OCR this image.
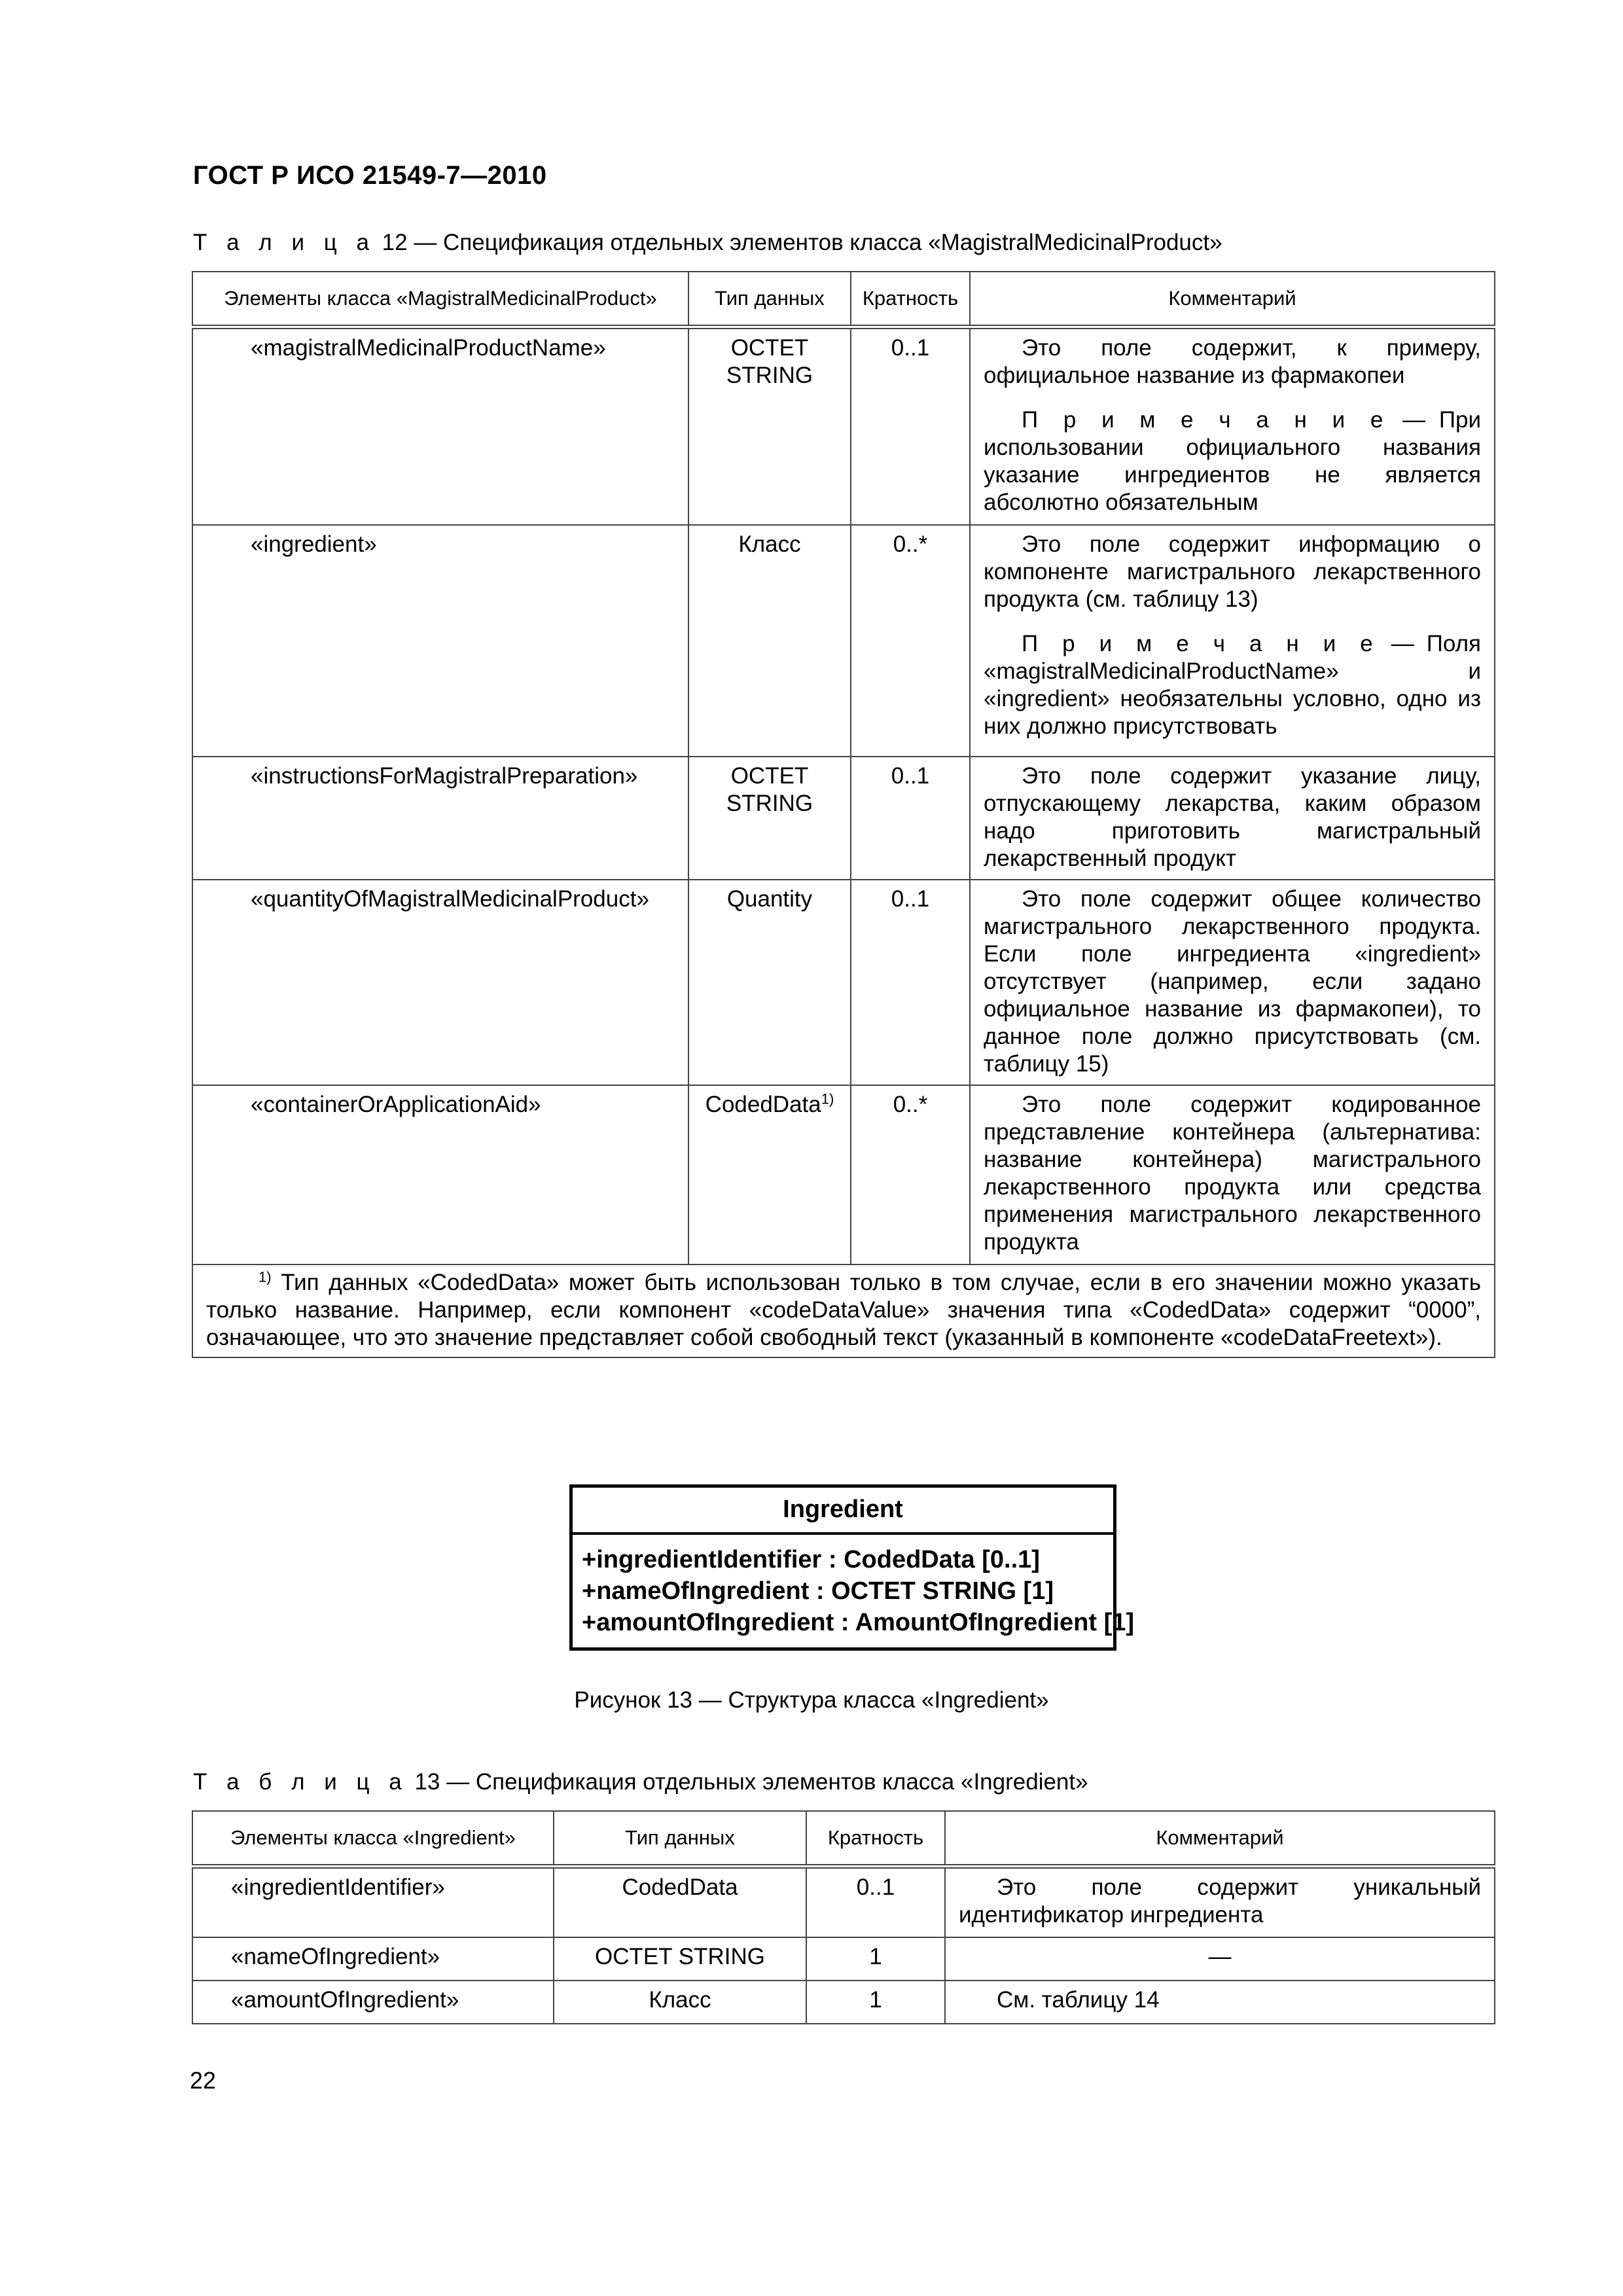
ГОСТ Р ИСО 21549-7—2010
Т а л и ц а 12 — Спецификация отдельных элементов класса «MagistralMedicinalProduct»
Элементы класса «MagistralMedicinalProduct»	Тип данных	Кратность	Комментарий
«magistralMedicinalProductName»	OCTET STRING	0..1	Это поле содержит, к примеру, официальное название из фармакопеи

П р и м е ч а н и е — При использовании официального названия указание ингредиентов не является абсолютно обязательным

«ingredient»	Класс	0..*	Это поле содержит информацию о компоненте магистрального лекарственного продукта (см. таблицу 13)

П р и м е ч а н и е — Поля «magistralMedicinalProductName» и «ingredient» необязательны условно, одно из них должно присутствовать

«instructionsForMagistralPreparation»	OCTET STRING	0..1	Это поле содержит указание лицу, отпускающему лекарства, каким образом надо приготовить магистральный лекарственный продукт

«quantityOfMagistralMedicinalProduct»	Quantity	0..1	Это поле содержит общее количество магистрального лекарственного продукта. Если поле ингредиента «ingredient» отсутствует (например, если задано официальное название из фармакопеи), то данное поле должно присутствовать (см. таблицу 15)

«containerOrApplicationAid»	CodedData$^{1)}$	0..*	Это поле содержит кодированное представление контейнера (альтернатива: название контейнера) магистрального лекарственного продукта или средства применения магистрального лекарственного продукта

$^{1)}$ Тип данных «CodedData» может быть использован только в том случае, если в его значении можно указать только название. Например, если компонент «codeDataValue» значения типа «CodedData» содержит “0000”, означающее, что это значение представляет собой свободный текст (указанный в компоненте «codeDataFreetext»).			
Ingredient
+ingredientIdentifier : CodedData [0..1]
+nameOfIngredient : OCTET STRING [1]
+amountOfIngredient : AmountOfIngredient [1]
Рисунок 13 — Структура класса «Ingredient»
Т а б л и ц а 13 — Спецификация отдельных элементов класса «Ingredient»
Элементы класса «Ingredient»	Тип данных	Кратность	Комментарий
«ingredientIdentifier»	CodedData	0..1	Это поле содержит уникальный идентификатор ингредиента

«nameOfIngredient»	OCTET STRING	1	—
«amountOfIngredient»	Класс	1	См. таблицу 14
22
